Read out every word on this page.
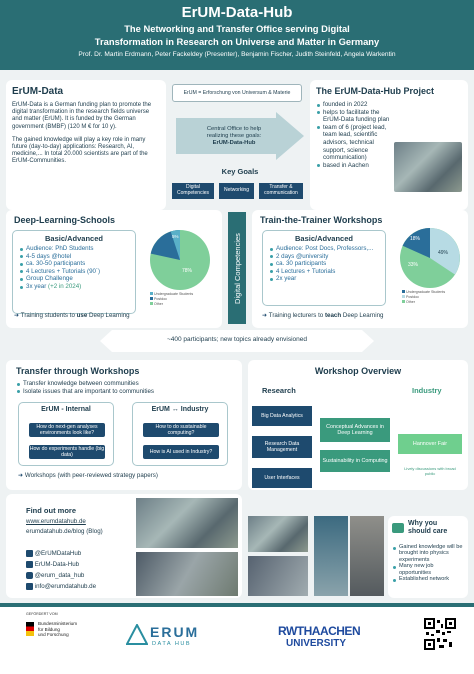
ErUM-Data-Hub
The Networking and Transfer Office serving Digital
Transformation in Research on Universe and Matter in Germany
Prof. Dr. Martin Erdmann, Peter Fackeldey (Presenter), Benjamin Fischer, Judith Steinfeld, Angela Warkentin
ErUM-Data
ErUM-Data is a German funding plan to promote the digital transformation in the research fields universe and matter (ErUM). It is funded by the German government (BMBF) (120 M € for 10 y).
The gained knowledge will play a key role in many future (day-to-day) applications: Research, AI, medicine,... In total 20.000 scientists are part of the ErUM-Communities.
ErUM = Erforschung von Universum & Materie
Central Office to help
realizing these goals:
ErUM-Data-Hub
Key Goals
Digital Competencies	Networking	Transfer & communication
The ErUM-Data-Hub Project
founded in 2022
helps to facilitate the ErUM-Data funding plan
team of 6 (project lead, team lead, scientific advisors, technical support, science communication)
based in Aachen
Deep-Learning-Schools
Basic/Advanced
Audience: PhD Students
4-5 days @hotel
ca. 30-50 participants
4 Lectures + Tutorials (90´)
Group Challenge
3x year (+2 in 2024)
5%
78%
Undergraduate Students
Postdoc
Other
➜ Training students to use Deep Learning
Digital Competencies
Train-the-Trainer Workshops
Basic/Advanced
Audience: Post Docs, Professors,...
2 days @university
ca. 30 participants
4 Lectures + Tutorials
2x year
18%
33%
49%
Undergraduate Students
Postdoc
Other
➜ Training lecturers to teach Deep Learning
~400 participants; new topics already envisioned
Transfer through Workshops
Transfer knowledge between communities
Isolate issues that are important to communities
ErUM - Internal
How do next-gen analyses environments look like?
How do experiments handle (big data)
ErUM ↔ Industry
How to do sustainable computing?
How is AI used in Industry?
➜ Workshops (with peer-reviewed strategy papers)
Workshop Overview
Research	Industry
Big Data Analytics
Research Data Management
User Interfaces
Conceptual Advances in Deep Learning
Sustainability in Computing
Hannover Fair
Lively discussions with broad public
Find out more
www.erumdatahub.de
erumdatahub.de/blog (Blog)
@ErUMDataHub
ErUM-Data-Hub
@erum_data_hub
info@erumdatahub.de
Why you
should care
Gained knowledge will be brought into physics experiments
Many new job opportunities
Established network
GEFÖRDERT VOM
Bundesministerium
für Bildung
und Forschung	ERUM
DATA HUB
RWTHAACHEN
UNIVERSITY
